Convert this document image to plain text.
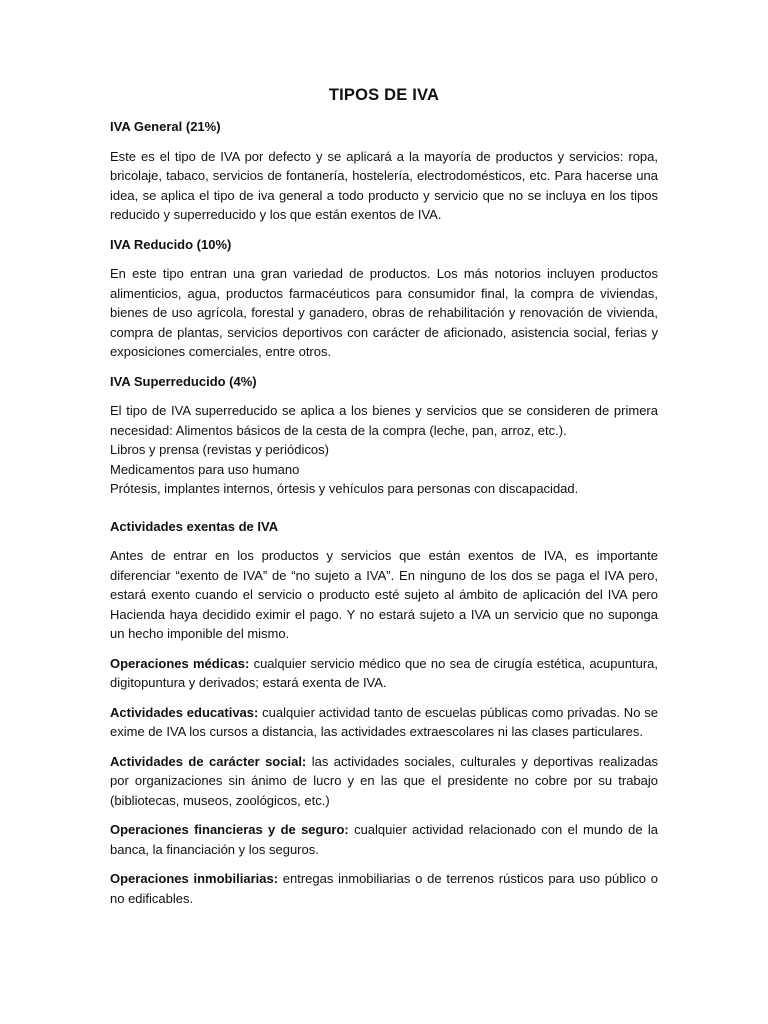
TIPOS DE IVA

IVA General (21%)

Este es el tipo de IVA por defecto y se aplicará a la mayoría de productos y servicios: ropa, bricolaje, tabaco, servicios de fontanería, hostelería, electrodomésticos, etc. Para hacerse una idea, se aplica el tipo de iva general a todo producto y servicio que no se incluya en los tipos reducido y superreducido y los que están exentos de IVA.

IVA Reducido (10%)

En este tipo entran una gran variedad de productos. Los más notorios incluyen productos alimenticios, agua, productos farmacéuticos para consumidor final, la compra de viviendas, bienes de uso agrícola, forestal y ganadero, obras de rehabilitación y renovación de vivienda, compra de plantas, servicios deportivos con carácter de aficionado, asistencia social, ferias y exposiciones comerciales, entre otros.

IVA Superreducido (4%)

El tipo de IVA superreducido se aplica a los bienes y servicios que se consideren de primera necesidad: Alimentos básicos de la cesta de la compra (leche, pan, arroz, etc.).

Libros y prensa (revistas y periódicos)
Medicamentos para uso humano
Prótesis, implantes internos, órtesis y vehículos para personas con discapacidad.

Actividades exentas de IVA

Antes de entrar en los productos y servicios que están exentos de IVA, es importante diferenciar “exento de IVA” de “no sujeto a IVA”. En ninguno de los dos se paga el IVA pero, estará exento cuando el servicio o producto esté sujeto al ámbito de aplicación del IVA pero Hacienda haya decidido eximir el pago. Y no estará sujeto a IVA un servicio que no suponga un hecho imponible del mismo.

Operaciones médicas: cualquier servicio médico que no sea de cirugía estética, acupuntura, digitopuntura y derivados; estará exenta de IVA.

Actividades educativas: cualquier actividad tanto de escuelas públicas como privadas. No se exime de IVA los cursos a distancia, las actividades extraescolares ni las clases particulares.

Actividades de carácter social: las actividades sociales, culturales y deportivas realizadas por organizaciones sin ánimo de lucro y en las que el presidente no cobre por su trabajo (bibliotecas, museos, zoológicos, etc.)

Operaciones financieras y de seguro: cualquier actividad relacionado con el mundo de la banca, la financiación y los seguros.

Operaciones inmobiliarias: entregas inmobiliarias o de terrenos rústicos para uso público o no edificables.
